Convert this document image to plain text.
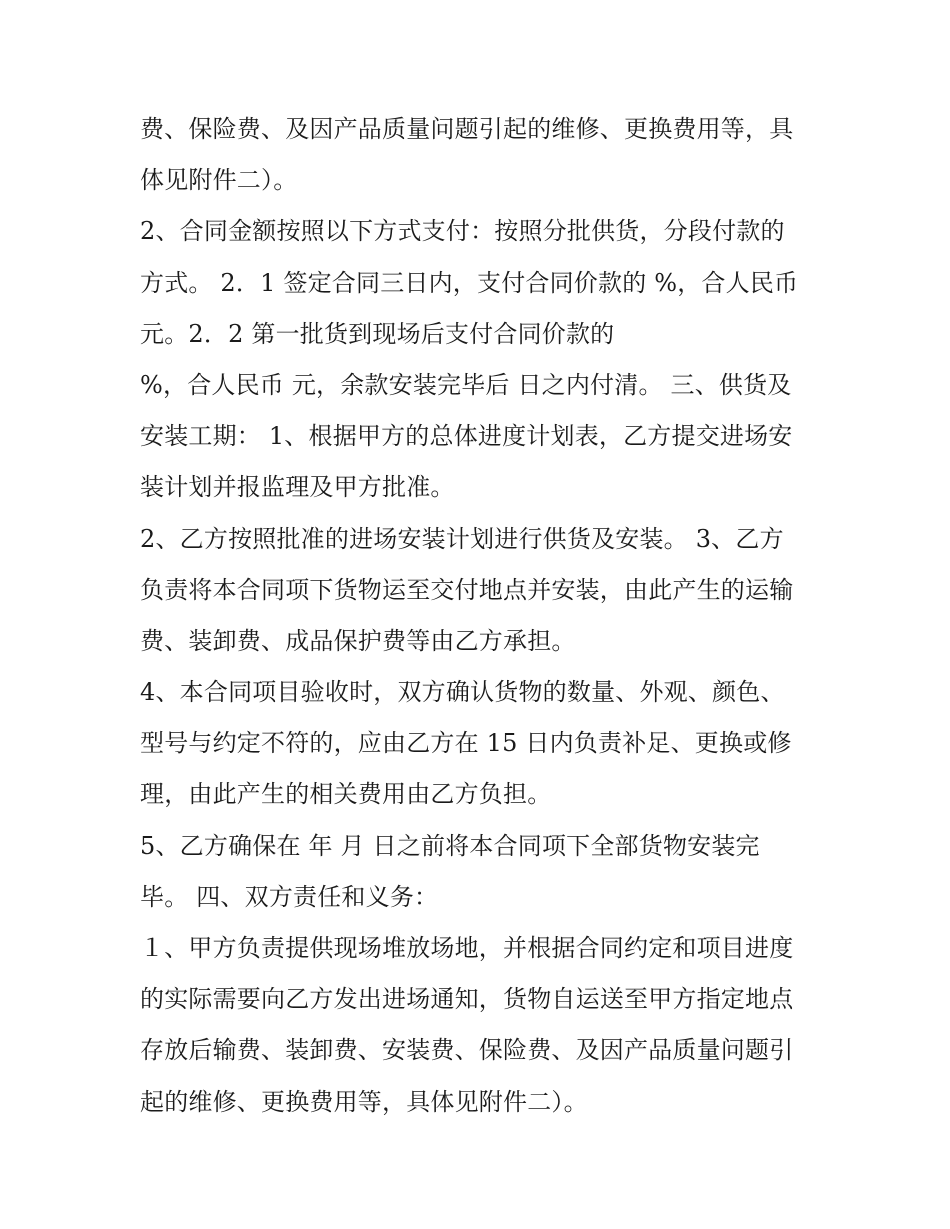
费、保险费、及因产品质量问题引起的维修、更换费用等，具
体见附件二）。
2、合同金额按照以下方式支付：按照分批供货，分段付款的
方式。 2．1 签定合同三日内，支付合同价款的 %，合人民币
元。2．2 第一批货到现场后支付合同价款的
%，合人民币 元，余款安装完毕后 日之内付清。 三、供货及
安装工期： 1、根据甲方的总体进度计划表，乙方提交进场安
装计划并报监理及甲方批准。
2、乙方按照批准的进场安装计划进行供货及安装。 3、乙方
负责将本合同项下货物运至交付地点并安装，由此产生的运输
费、装卸费、成品保护费等由乙方承担。
4、本合同项目验收时，双方确认货物的数量、外观、颜色、
型号与约定不符的，应由乙方在 15 日内负责补足、更换或修
理，由此产生的相关费用由乙方负担。
5、乙方确保在 年 月 日之前将本合同项下全部货物安装完
毕。 四、双方责任和义务：
１、甲方负责提供现场堆放场地，并根据合同约定和项目进度
的实际需要向乙方发出进场通知，货物自运送至甲方指定地点
存放后输费、装卸费、安装费、保险费、及因产品质量问题引
起的维修、更换费用等，具体见附件二）。
